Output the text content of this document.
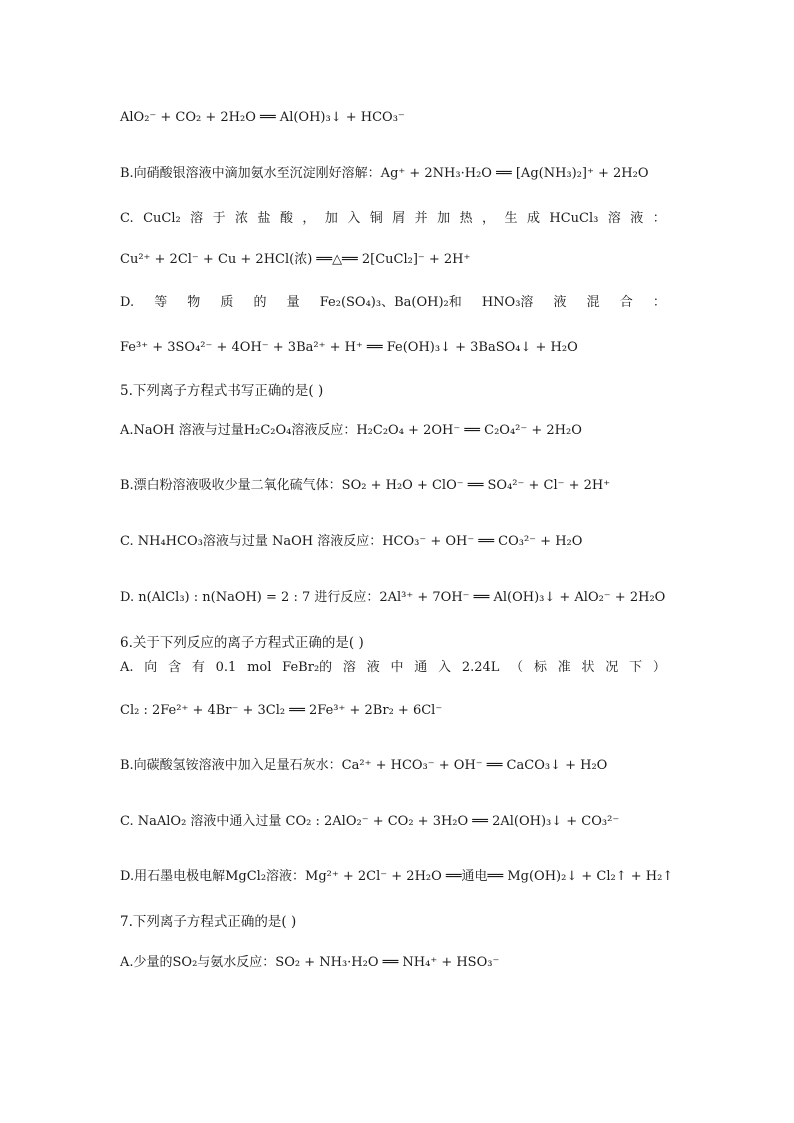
AlO₂⁻ + CO₂ + 2H₂O ══ Al(OH)₃↓ + HCO₃⁻
B.向硝酸银溶液中滴加氨水至沉淀刚好溶解：Ag⁺ + 2NH₃·H₂O ══ [Ag(NH₃)₂]⁺ + 2H₂O
C. CuCl₂ 溶 于 浓 盐 酸 ， 加 入 铜 屑 并 加 热 ， 生 成 HCuCl₃ 溶 液 ：
Cu²⁺ + 2Cl⁻ + Cu + 2HCl(浓) ══△══ 2[CuCl₂]⁻ + 2H⁺
D. 等 物 质 的 量 Fe₂(SO₄)₃、Ba(OH)₂和 HNO₃溶 液 混 合 ：
Fe³⁺ + 3SO₄²⁻ + 4OH⁻ + 3Ba²⁺ + H⁺ ══ Fe(OH)₃↓ + 3BaSO₄↓ + H₂O
5.下列离子方程式书写正确的是( )
A.NaOH 溶液与过量H₂C₂O₄溶液反应：H₂C₂O₄ + 2OH⁻ ══ C₂O₄²⁻ + 2H₂O
B.漂白粉溶液吸收少量二氧化硫气体：SO₂ + H₂O + ClO⁻ ══ SO₄²⁻ + Cl⁻ + 2H⁺
C. NH₄HCO₃溶液与过量 NaOH 溶液反应：HCO₃⁻ + OH⁻ ══ CO₃²⁻ + H₂O
D. n(AlCl₃) : n(NaOH) = 2 : 7 进行反应：2Al³⁺ + 7OH⁻ ══ Al(OH)₃↓ + AlO₂⁻ + 2H₂O
6.关于下列反应的离子方程式正确的是( )
A. 向 含 有 0.1 mol FeBr₂的 溶 液 中 通 入 2.24L （ 标 准 状 况 下 ）
Cl₂ : 2Fe²⁺ + 4Br⁻ + 3Cl₂ ══ 2Fe³⁺ + 2Br₂ + 6Cl⁻
B.向碳酸氢铵溶液中加入足量石灰水：Ca²⁺ + HCO₃⁻ + OH⁻ ══ CaCO₃↓ + H₂O
C. NaAlO₂ 溶液中通入过量 CO₂ : 2AlO₂⁻ + CO₂ + 3H₂O ══ 2Al(OH)₃↓ + CO₃²⁻
D.用石墨电极电解MgCl₂溶液：Mg²⁺ + 2Cl⁻ + 2H₂O ══通电══ Mg(OH)₂↓ + Cl₂↑ + H₂↑
7.下列离子方程式正确的是( )
A.少量的SO₂与氨水反应：SO₂ + NH₃·H₂O ══ NH₄⁺ + HSO₃⁻
